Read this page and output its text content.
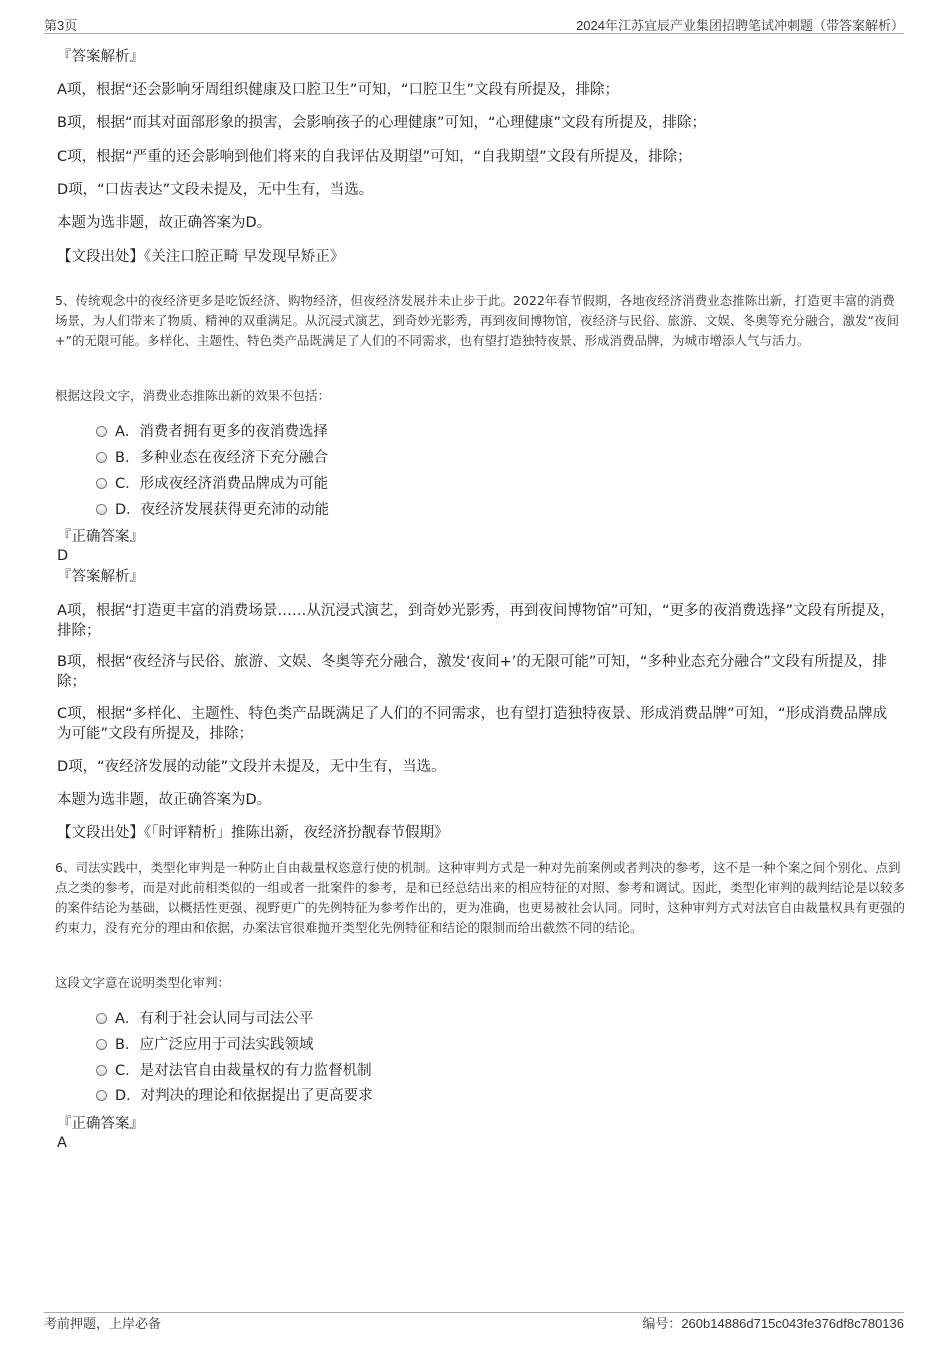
第3页	2024年江苏宜辰产业集团招聘笔试冲刺题（带答案解析）
『答案解析』
A项，根据“还会影响牙周组织健康及口腔卫生”可知，“口腔卫生”文段有所提及，排除；
B项，根据“而其对面部形象的损害，会影响孩子的心理健康”可知，“心理健康”文段有所提及，排除；
C项，根据“严重的还会影响到他们将来的自我评估及期望”可知，“自我期望”文段有所提及，排除；
D项，“口齿表达”文段未提及，无中生有，当选。
本题为选非题，故正确答案为D。
【文段出处】《关注口腔正畸 早发现早矫正》
5、传统观念中的夜经济更多是吃饭经济、购物经济，但夜经济发展并未止步于此。2022年春节假期，各地夜经济消费业态推陈出新，打造更丰富的消费场景，为人们带来了物质、精神的双重满足。从沉浸式演艺，到奇妙光影秀，再到夜间博物馆，夜经济与民俗、旅游、文娱、冬奥等充分融合，激发“夜间+”的无限可能。多样化、主题性、特色类产品既满足了人们的不同需求，也有望打造独特夜景、形成消费品牌，为城市增添人气与活力。
根据这段文字，消费业态推陈出新的效果不包括：
A．消费者拥有更多的夜消费选择
B．多种业态在夜经济下充分融合
C．形成夜经济消费品牌成为可能
D．夜经济发展获得更充沛的动能
『正确答案』
D
『答案解析』
A项，根据“打造更丰富的消费场景……从沉浸式演艺，到奇妙光影秀，再到夜间博物馆”可知，“更多的夜消费选择”文段有所提及，排除；
B项，根据“夜经济与民俗、旅游、文娱、冬奥等充分融合，激发‘夜间+’的无限可能”可知，“多种业态充分融合”文段有所提及，排除；
C项，根据“多样化、主题性、特色类产品既满足了人们的不同需求，也有望打造独特夜景、形成消费品牌”可知，“形成消费品牌成为可能”文段有所提及，排除；
D项，“夜经济发展的动能”文段并未提及，无中生有，当选。
本题为选非题，故正确答案为D。
【文段出处】《「时评精析」推陈出新，夜经济扮靓春节假期》
6、司法实践中，类型化审判是一种防止自由裁量权恣意行使的机制。这种审判方式是一种对先前案例或者判决的参考，这不是一种个案之间个别化、点到点之类的参考，而是对此前相类似的一组或者一批案件的参考，是和已经总结出来的相应特征的对照、参考和调试。因此，类型化审判的裁判结论是以较多的案件结论为基础，以概括性更强、视野更广的先例特征为参考作出的，更为准确，也更易被社会认同。同时，这种审判方式对法官自由裁量权具有更强的约束力，没有充分的理由和依据，办案法官很难抛开类型化先例特征和结论的限制而给出截然不同的结论。
这段文字意在说明类型化审判：
A．有利于社会认同与司法公平
B．应广泛应用于司法实践领域
C．是对法官自由裁量权的有力监督机制
D．对判决的理论和依据提出了更高要求
『正确答案』
A
考前押题，上岸必备	编号：260b14886d715c043fe376df8c780136
